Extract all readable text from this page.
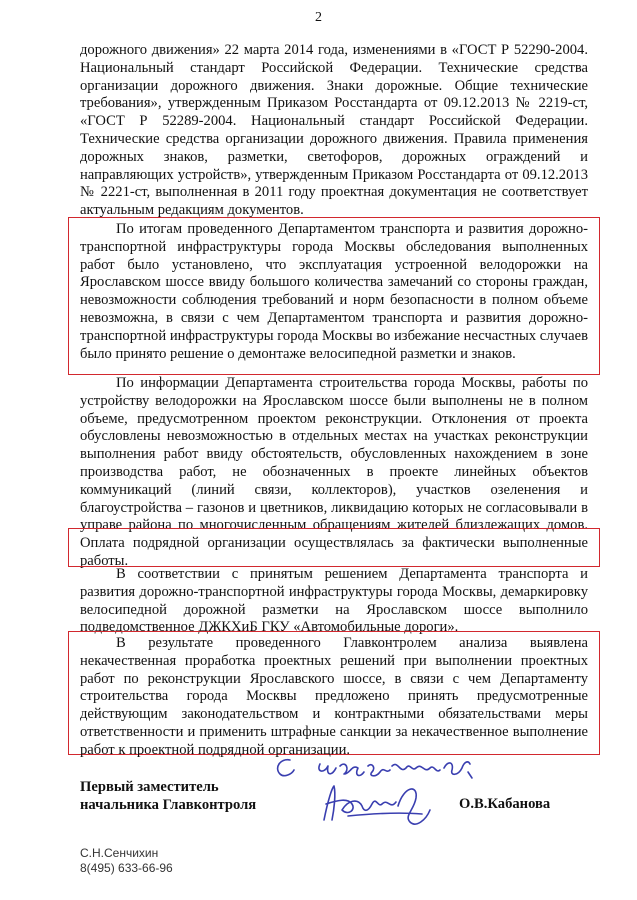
2

дорожного движения» 22 марта 2014 года, изменениями в «ГОСТ Р 52290-2004. Национальный стандарт Российской Федерации. Технические средства организации дорожного движения. Знаки дорожные. Общие технические требования», утвержденным Приказом Росстандарта от 09.12.2013 № 2219-ст, «ГОСТ Р 52289-2004. Национальный стандарт Российской Федерации. Технические средства организации дорожного движения. Правила применения дорожных знаков, разметки, светофоров, дорожных ограждений и направляющих устройств», утвержденным Приказом Росстандарта от 09.12.2013 № 2221-ст, выполненная в 2011 году проектная документация не соответствует актуальным редакциям документов.

По итогам проведенного Департаментом транспорта и развития дорожно-транспортной инфраструктуры города Москвы обследования выполненных работ было установлено, что эксплуатация устроенной велодорожки на Ярославском шоссе ввиду большого количества замечаний со стороны граждан, невозможности соблюдения требований и норм безопасности в полном объеме невозможна, в связи с чем Департаментом транспорта и развития дорожно-транспортной инфраструктуры города Москвы во избежание несчастных случаев было принято решение о демонтаже велосипедной разметки и знаков.

По информации Департамента строительства города Москвы, работы по устройству велодорожки на Ярославском шоссе были выполнены не в полном объеме, предусмотренном проектом реконструкции. Отклонения от проекта обусловлены невозможностью в отдельных местах на участках реконструкции выполнения работ ввиду обстоятельств, обусловленных нахождением в зоне производства работ, не обозначенных в проекте линейных объектов коммуникаций (линий связи, коллекторов), участков озеленения и благоустройства – газонов и цветников, ликвидацию которых не согласовывали в управе района по многочисленным обращениям жителей близлежащих домов. Оплата подрядной организации осуществлялась за фактически выполненные работы.

В соответствии с принятым решением Департамента транспорта и развития дорожно-транспортной инфраструктуры города Москвы, демаркировку велосипедной дорожной разметки на Ярославском шоссе выполнило подведомственное ДЖКХиБ ГКУ «Автомобильные дороги».

В результате проведенного Главконтролем анализа выявлена некачественная проработка проектных решений при выполнении проектных работ по реконструкции Ярославского шоссе, в связи с чем Департаменту строительства города Москвы предложено принять предусмотренные действующим законодательством и контрактными обязательствами меры ответственности и применить штрафные санкции за некачественное выполнение работ к проектной подрядной организации.

Первый заместитель
начальника Главконтроля	О.В.Кабанова
С.Н.Сенчихин
8(495) 633-66-96
